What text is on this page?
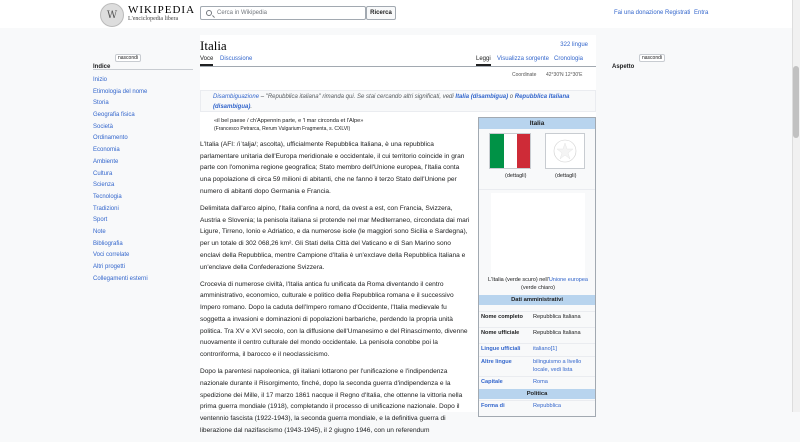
W WIKIPEDIA
L'enciclopedia libera
Cerca in Wikipedia	Ricerca	Fai una donazione Registrati Entra
Indice
nascondi
Inizio
Etimologia del nome
Storia
Geografia fisica
Società
Ordinamento
Economia
Ambiente
Cultura
Scienza
Tecnologia
Tradizioni
Sport
Note
Bibliografia
Voci correlate
Altri progetti
Collegamenti esterni
Aspetto
nascondi
Italia	322 lingue
Voce Discussione	Leggi Visualizza sorgente Cronologia
Coordinate 42°30′N 12°30′E
Disambiguazione – "Repubblica italiana" rimanda qui. Se stai cercando altri significati, vedi Italia (disambigua) o Repubblica Italiana (disambigua).
«il bel paese / ch'Appennin parte, e 'l mar circonda et l'Alpe»
(Francesco Petrarca, Rerum Vulgarium Fragmenta, s. CXLVI)

L'Italia (AFI: /iˈtalja/; ascolta), ufficialmente Repubblica Italiana, è una repubblica parlamentare unitaria dell'Europa meridionale e occidentale, il cui territorio coincide in gran parte con l'omonima regione geografica; Stato membro dell'Unione europea, l'Italia conta una popolazione di circa 59 milioni di abitanti, che ne fanno il terzo Stato dell'Unione per numero di abitanti dopo Germania e Francia.

Delimitata dall'arco alpino, l'Italia confina a nord, da ovest a est, con Francia, Svizzera, Austria e Slovenia; la penisola italiana si protende nel mar Mediterraneo, circondata dai mari Ligure, Tirreno, Ionio e Adriatico, e da numerose isole (le maggiori sono Sicilia e Sardegna), per un totale di 302 068,26 km². Gli Stati della Città del Vaticano e di San Marino sono enclavi della Repubblica, mentre Campione d'Italia è un'exclave della Repubblica Italiana e un'enclave della Confederazione Svizzera.

Crocevia di numerose civiltà, l'Italia antica fu unificata da Roma diventando il centro amministrativo, economico, culturale e politico della Repubblica romana e il successivo Impero romano. Dopo la caduta dell'Impero romano d'Occidente, l'Italia medievale fu soggetta a invasioni e dominazioni di popolazioni barbariche, perdendo la propria unità politica. Tra XV e XVI secolo, con la diffusione dell'Umanesimo e del Rinascimento, divenne nuovamente il centro culturale del mondo occidentale. La penisola conobbe poi la controriforma, il barocco e il neoclassicismo.

Dopo la parentesi napoleonica, gli italiani lottarono per l'unificazione e l'indipendenza nazionale durante il Risorgimento, finché, dopo la seconda guerra d'indipendenza e la spedizione dei Mille, il 17 marzo 1861 nacque il Regno d'Italia, che ottenne la vittoria nella prima guerra mondiale (1918), completando il processo di unificazione nazionale. Dopo il ventennio fascista (1922-1943), la seconda guerra mondiale, e la definitiva guerra di liberazione dal nazifascismo (1943-1945), il 2 giugno 1946, con un referendum

Italia
(dettagli)	(dettagli)
L'Italia (verde scuro) nell'Unione europea (verde chiaro)
Dati amministrativi
Nome completo	Repubblica Italiana
Nome ufficiale	Repubblica Italiana
Lingue ufficiali	italiano[1]
Altre lingue	bilinguismo a livello locale, vedi lista
Capitale	Roma
Politica
Forma di	Repubblica
